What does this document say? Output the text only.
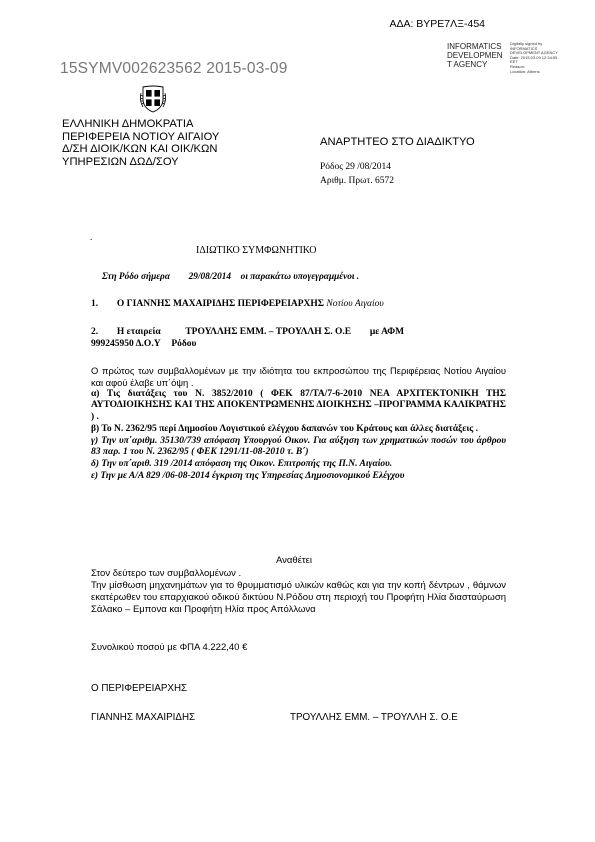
ΑΔΑ: ΒΥΡΕ7ΛΞ-454
INFORMATICS
DEVELOPMEN
T AGENCY
Digitally signed by
INFORMATICS
DEVELOPMENT AGENCY
Date: 2015.03.09 12:34:55
EET
Reason:
Location: Athens
15SYMV002623562 2015-03-09
ΕΛΛΗΝΙΚΗ ΔΗΜΟΚΡΑΤΙΑ
ΠΕΡΙΦΕΡΕΙΑ ΝΟΤΙΟΥ ΑΙΓΑΙΟΥ
Δ/ΣΗ ΔΙΟΙΚ/ΚΩΝ ΚΑΙ ΟΙΚ/ΚΩΝ
ΥΠΗΡΕΣΙΩΝ ΔΩΔ/ΣΟΥ
ΑΝΑΡΤΗΤΕΟ ΣΤΟ ΔΙΑΔΙΚΤΥΟ
Ρόδος 29 /08/2014
Αριθμ. Πρωτ. 6572
.
ΙΔΙΩΤΙΚΟ ΣΥΜΦΩΝΗΤΙΚΟ
Στη Ρόδο σήμερα 29/08/2014 οι παρακάτω υπογεγραμμένοι .
1. Ο ΓΙΑΝΝΗΣ ΜΑΧΑΙΡΙΔΗΣ ΠΕΡΙΦΕΡΕΙΑΡΧΗΣ Νοτίου Αιγαίου
2. Η εταιρεία	ΤΡΟΥΛΛΗΣ ΕΜΜ. – ΤΡΟΥΛΛΗ Σ. Ο.Ε με ΑΦΜ
999245950 Δ.Ο.Υ Ρόδου

Ο πρώτος των συμβαλλομένων με την ιδιότητα του εκπροσώπου της Περιφέρειας Νοτίου Αιγαίου και αφού έλαβε υπ΄όψη .

α) Τις διατάξεις του Ν. 3852/2010 ( ΦΕΚ 87/ΤΑ/7-6-2010 ΝΕΑ ΑΡΧΙΤΕΚΤΟΝΙΚΗ ΤΗΣ ΑΥΤΟΔΙΟΙΚΗΣΗΣ ΚΑΙ ΤΗΣ ΑΠΟΚΕΝΤΡΩΜΕΝΗΣ ΔΙΟΙΚΗΣΗΣ –ΠΡΟΓΡΑΜΜΑ ΚΑΛΙΚΡΑΤΗΣ ) .

β) Το Ν. 2362/95 περί Δημοσίου Λογιστικού ελέγχου δαπανών του Κράτους και άλλες διατάξεις .

γ) Την υπ΄αριθμ. 35130/739 απόφαση Υπουργού Οικον. Για αύξηση των χρηματικών ποσών του άρθρου 83 παρ. 1 του Ν. 2362/95 ( ΦΕΚ 1291/11-08-2010 τ. Β΄)

δ) Την υπ΄αριθ. 319 /2014 απόφαση της Οικον. Επιτροπής της Π.Ν. Αιγαίου.

ε) Την με Α/Α 829 /06-08-2014 έγκριση της Υπηρεσίας Δημοσιονομικού Ελέγχου

Αναθέτει

Στον δεύτερο των συμβαλλομένων .

Την μίσθωση μηχανημάτων για το θρυμματισμό υλικών καθώς και για την κοπή δέντρων , θάμνων εκατέρωθεν του επαρχιακού οδικού δικτύου Ν.Ρόδου στη περιοχή του Προφήτη Ηλία διασταύρωση Σάλακο – Εμπονα και Προφήτη Ηλία προς Απόλλωνα

Συνολικού ποσού με ΦΠΑ 4.222,40 €
Ο ΠΕΡΙΦΕΡΕΙΑΡΧΗΣ
ΓΙΑΝΝΗΣ ΜΑΧΑΙΡΙΔΗΣ	ΤΡΟΥΛΛΗΣ ΕΜΜ. – ΤΡΟΥΛΛΗ Σ. Ο.Ε
